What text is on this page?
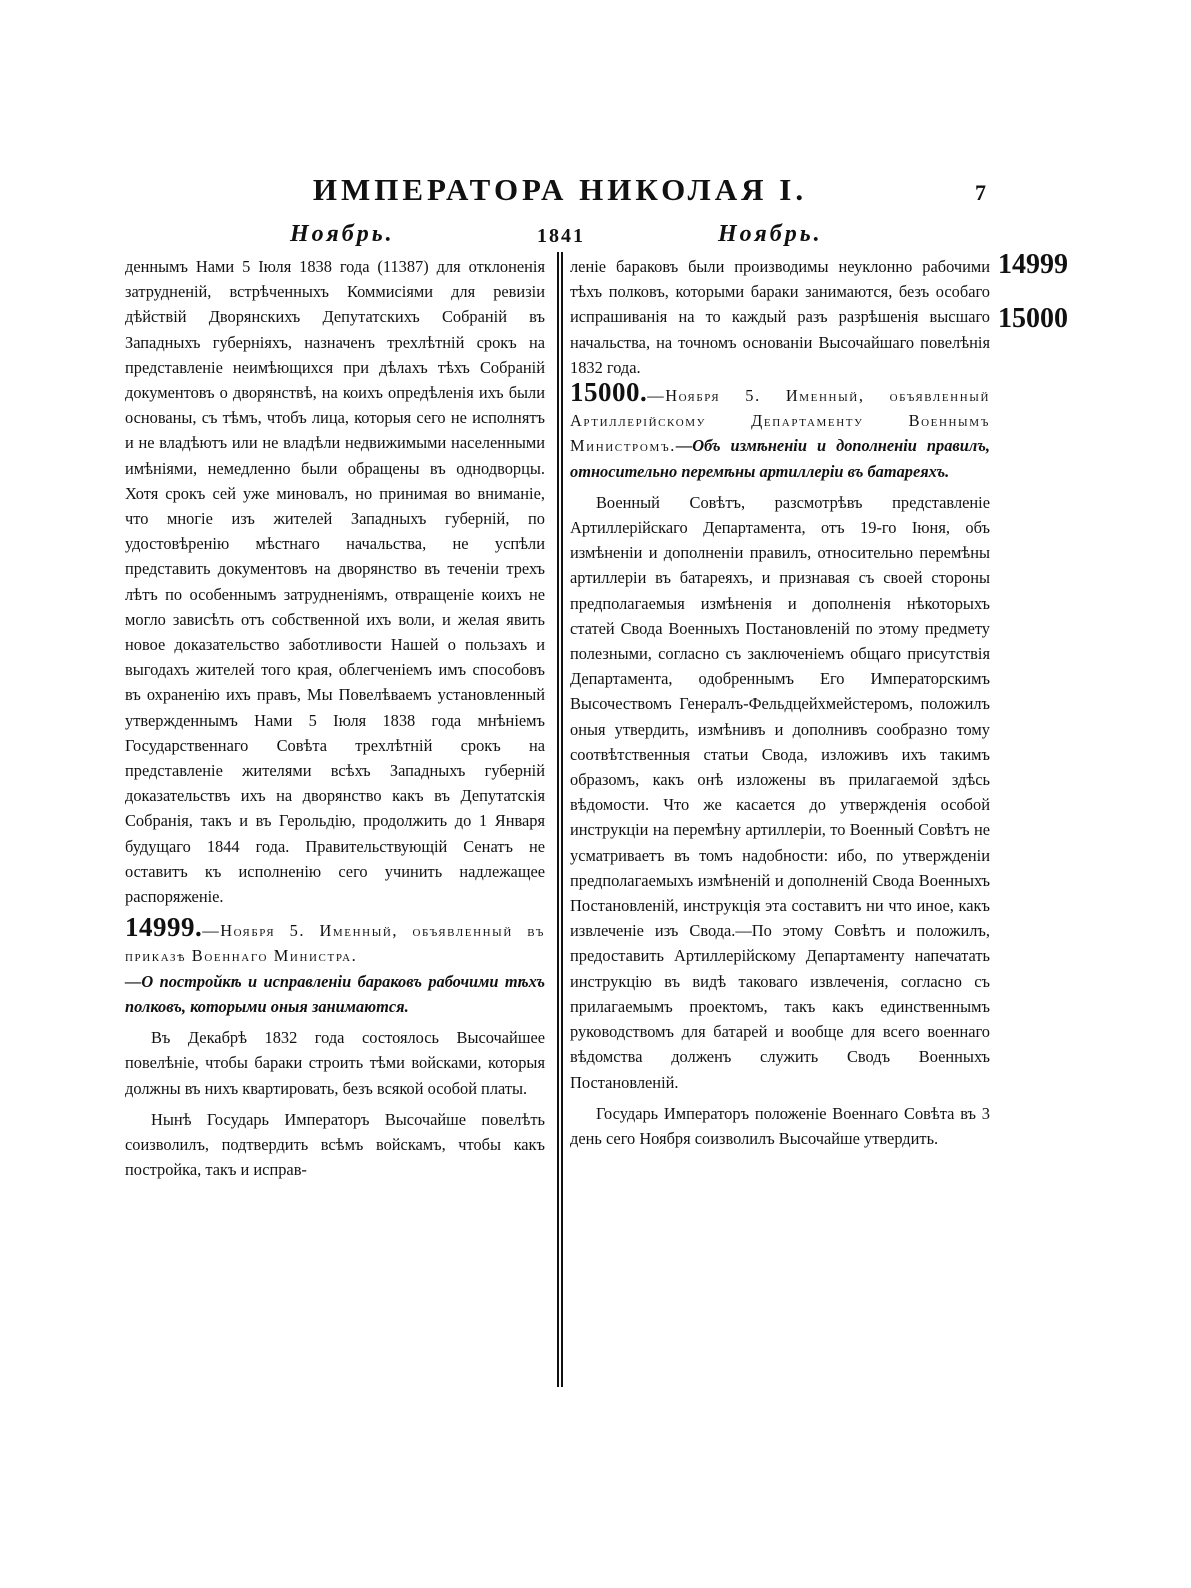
ИМПЕРАТОРА НИКОЛАЯ I.	7
Ноябрь.	1841	Ноябрь.
14999
15000

деннымъ Нами 5 Іюля 1838 года (11387) для отклоненія затрудненій, встрѣченныхъ Коммисіями для ревизіи дѣйствій Дворянскихъ Депутатскихъ Собраній въ Западныхъ губерніяхъ, назначенъ трехлѣтній срокъ на представленіе неимѣющихся при дѣлахъ тѣхъ Собраній документовъ о дворянствѣ, на коихъ опредѣленія ихъ были основаны, съ тѣмъ, чтобъ лица, которыя сего не исполнятъ и не владѣютъ или не владѣли недвижимыми населенными имѣніями, немедленно были обращены въ однодворцы. Хотя срокъ сей уже миновалъ, но принимая во вниманіе, что многіе изъ жителей Западныхъ губерній, по удостовѣренію мѣстнаго начальства, не успѣли представить документовъ на дворянство въ теченіи трехъ лѣтъ по особеннымъ затрудненіямъ, отвращеніе коихъ не могло зависѣть отъ собственной ихъ воли, и желая явить новое доказательство заботливости Нашей о пользахъ и выгодахъ жителей того края, облегченіемъ имъ способовъ въ охраненію ихъ правъ, Мы Повелѣваемъ установленный утвержденнымъ Нами 5 Іюля 1838 года мнѣніемъ Государственнаго Совѣта трехлѣтній срокъ на представленіе жителями всѣхъ Западныхъ губерній доказательствъ ихъ на дворянство какъ въ Депутатскія Собранія, такъ и въ Герольдію, продолжить до 1 Января будущаго 1844 года. Правительствующій Сенатъ не оставитъ къ исполненію сего учинить надлежащее распоряженіе.

14999.—Ноября 5. Именный, объявленный въ приказѣ Военнаго Министра.

—О постройкѣ и исправленіи бараковъ рабочими тѣхъ полковъ, которыми оныя занимаются.

Въ Декабрѣ 1832 года состоялось Высочайшее повелѣніе, чтобы бараки строить тѣми войсками, которыя должны въ нихъ квартировать, безъ всякой особой платы.

Нынѣ Государь Императоръ Высочайше повелѣть соизволилъ, подтвердить всѣмъ войскамъ, чтобы какъ постройка, такъ и исправ-

леніе бараковъ были производимы неуклонно рабочими тѣхъ полковъ, которыми бараки занимаются, безъ особаго испрашиванія на то каждый разъ разрѣшенія высшаго начальства, на точномъ основаніи Высочайшаго повелѣнія 1832 года.

15000.—Ноября 5. Именный, объявленный Артиллерійскому Департаменту Военнымъ Министромъ.—Объ измѣненіи и дополненіи правилъ, относительно перемѣны артиллеріи въ батареяхъ.

Военный Совѣтъ, разсмотрѣвъ представленіе Артиллерійскаго Департамента, отъ 19-го Іюня, объ измѣненіи и дополненіи правилъ, относительно перемѣны артиллеріи въ батареяхъ, и признавая съ своей стороны предполагаемыя измѣненія и дополненія нѣкоторыхъ статей Свода Военныхъ Постановленій по этому предмету полезными, согласно съ заключеніемъ общаго присутствія Департамента, одобреннымъ Его Императорскимъ Высочествомъ Генералъ-Фельдцейхмейстеромъ, положилъ оныя утвердить, измѣнивъ и дополнивъ сообразно тому соотвѣтственныя статьи Свода, изложивъ ихъ такимъ образомъ, какъ онѣ изложены въ прилагаемой здѣсь вѣдомости. Что же касается до утвержденія особой инструкціи на перемѣну артиллеріи, то Военный Совѣтъ не усматриваетъ въ томъ надобности: ибо, по утвержденіи предполагаемыхъ измѣненій и дополненій Свода Военныхъ Постановленій, инструкція эта составитъ ни что иное, какъ извлеченіе изъ Свода.—По этому Совѣтъ и положилъ, предоставить Артиллерійскому Департаменту напечатать инструкцію въ видѣ таковаго извлеченія, согласно съ прилагаемымъ проектомъ, такъ какъ единственнымъ руководствомъ для батарей и вообще для всего военнаго вѣдомства долженъ служить Сводъ Военныхъ Постановленій.

Государь Императоръ положеніе Военнаго Совѣта въ 3 день сего Ноября соизволилъ Высочайше утвердить.
